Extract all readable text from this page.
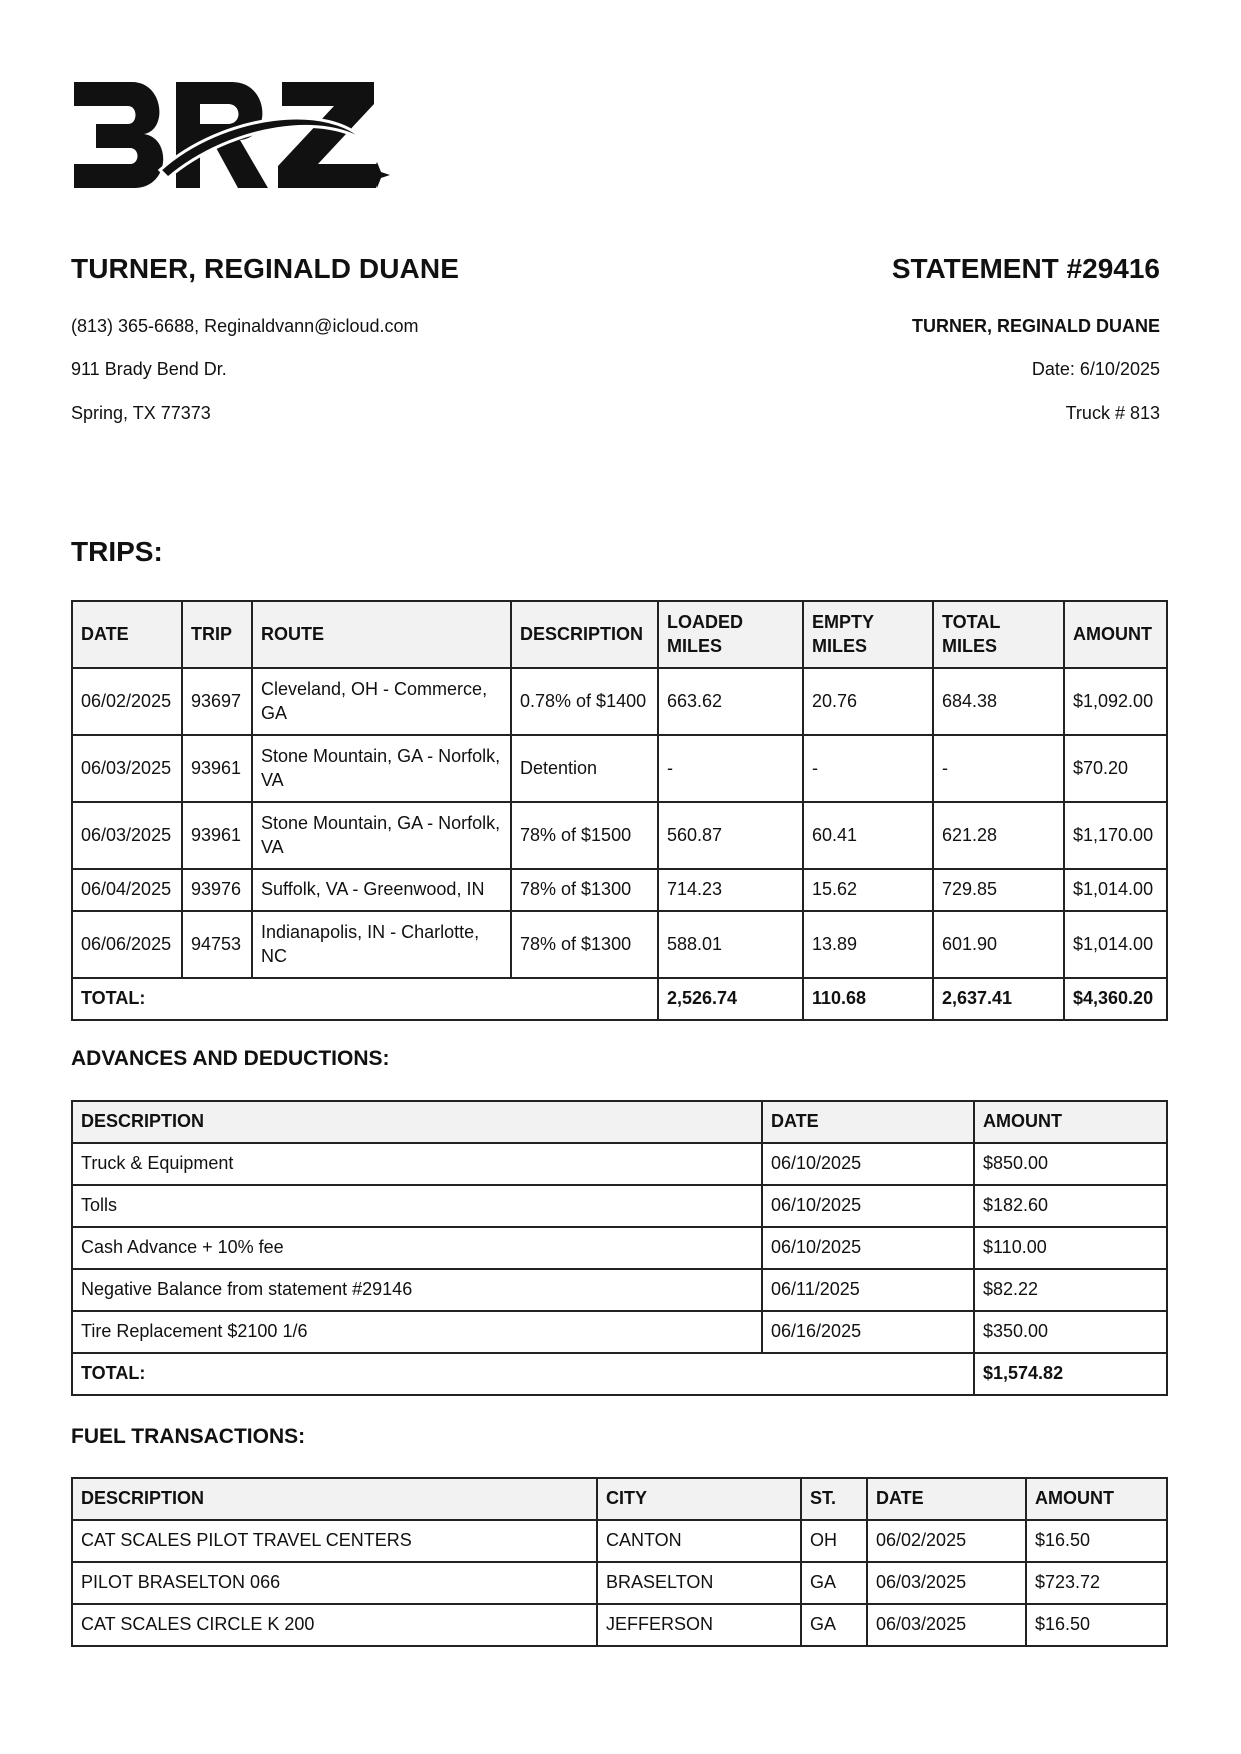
TURNER, REGINALD DUANE
(813) 365-6688, Reginaldvann@icloud.com
911 Brady Bend Dr.
Spring, TX 77373
STATEMENT #29416
TURNER, REGINALD DUANE
Date: 6/10/2025
Truck # 813
TRIPS:
DATE	TRIP	ROUTE	DESCRIPTION	LOADED MILES	EMPTY MILES	TOTAL MILES	AMOUNT
06/02/2025	93697	Cleveland, OH - Commerce, GA	0.78% of $1400	663.62	20.76	684.38	$1,092.00
06/03/2025	93961	Stone Mountain, GA - Norfolk, VA	Detention	-	-	-	$70.20
06/03/2025	93961	Stone Mountain, GA - Norfolk, VA	78% of $1500	560.87	60.41	621.28	$1,170.00
06/04/2025	93976	Suffolk, VA - Greenwood, IN	78% of $1300	714.23	15.62	729.85	$1,014.00
06/06/2025	94753	Indianapolis, IN - Charlotte, NC	78% of $1300	588.01	13.89	601.90	$1,014.00
TOTAL:				2,526.74	110.68	2,637.41	$4,360.20
ADVANCES AND DEDUCTIONS:
DESCRIPTION	DATE	AMOUNT
Truck & Equipment	06/10/2025	$850.00
Tolls	06/10/2025	$182.60
Cash Advance + 10% fee	06/10/2025	$110.00
Negative Balance from statement #29146	06/11/2025	$82.22
Tire Replacement $2100 1/6	06/16/2025	$350.00
TOTAL:		$1,574.82
FUEL TRANSACTIONS:
DESCRIPTION	CITY	ST.	DATE	AMOUNT
CAT SCALES PILOT TRAVEL CENTERS	CANTON	OH	06/02/2025	$16.50
PILOT BRASELTON 066	BRASELTON	GA	06/03/2025	$723.72
CAT SCALES CIRCLE K 200	JEFFERSON	GA	06/03/2025	$16.50
